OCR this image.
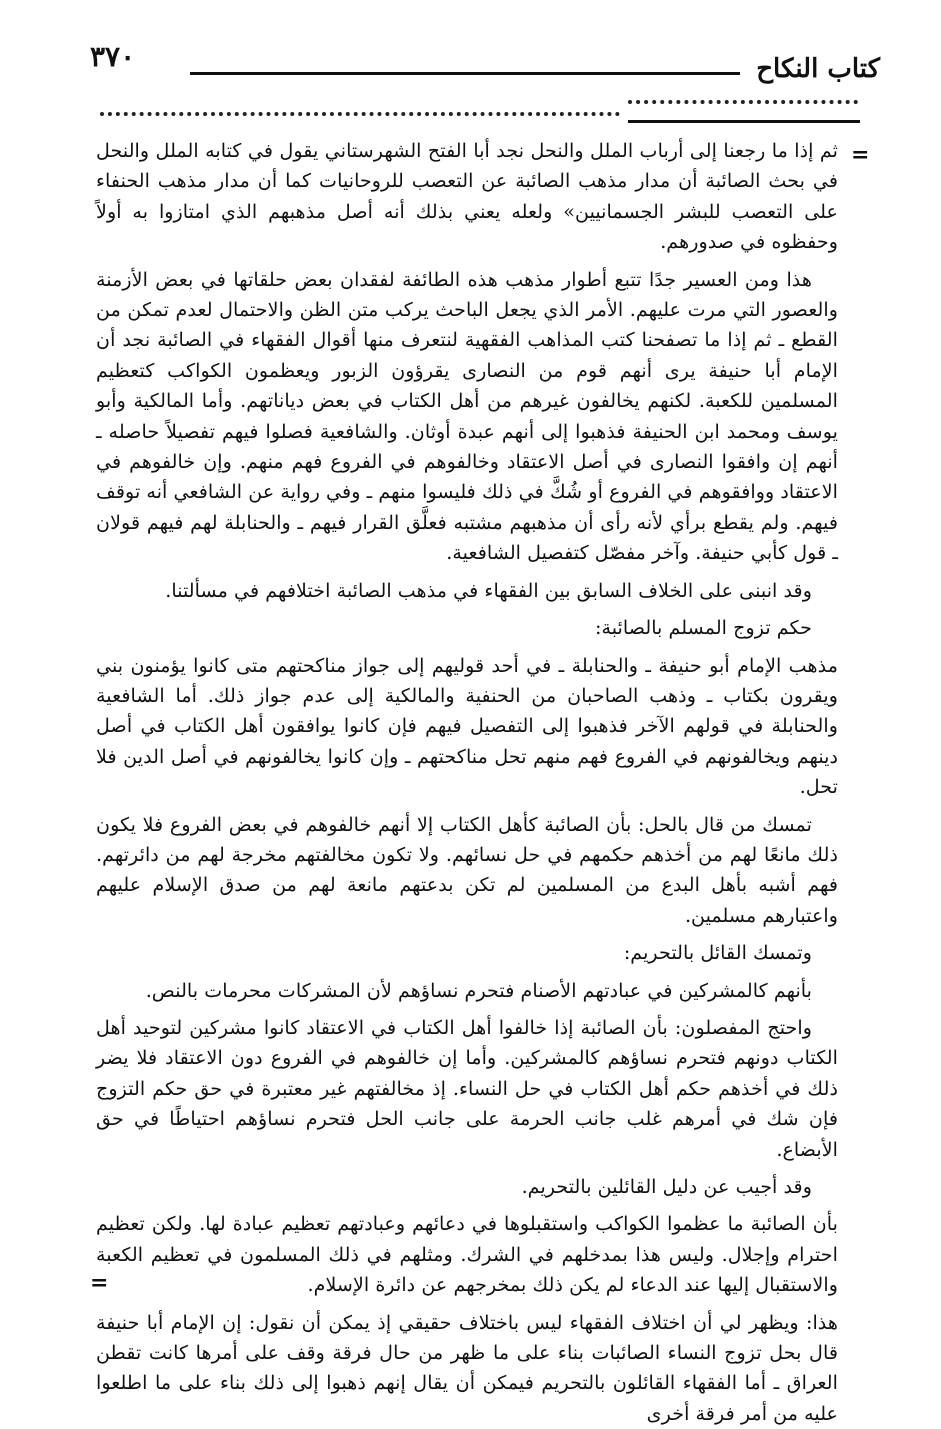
٣٧٠	كتاب النكاح
=

ثم إذا ما رجعنا إلى أرباب الملل والنحل نجد أبا الفتح الشهرستاني يقول في كتابه الملل والنحل في بحث الصائبة أن مدار مذهب الصائبة عن التعصب للروحانيات كما أن مدار مذهب الحنفاء على التعصب للبشر الجسمانيين» ولعله يعني بذلك أنه أصل مذهبهم الذي امتازوا به أولاً وحفظوه في صدورهم.

هذا ومن العسير جدًا تتبع أطوار مذهب هذه الطائفة لفقدان بعض حلقاتها في بعض الأزمنة والعصور التي مرت عليهم. الأمر الذي يجعل الباحث يركب متن الظن والاحتمال لعدم تمكن من القطع ـ ثم إذا ما تصفحنا كتب المذاهب الفقهية لنتعرف منها أقوال الفقهاء في الصائبة نجد أن الإمام أبا حنيفة يرى أنهم قوم من النصارى يقرؤون الزبور ويعظمون الكواكب كتعظيم المسلمين للكعبة. لكنهم يخالفون غيرهم من أهل الكتاب في بعض دياناتهم. وأما المالكية وأبو يوسف ومحمد ابن الحنيفة فذهبوا إلى أنهم عبدة أوثان. والشافعية فصلوا فيهم تفصيلاً حاصله ـ أنهم إن وافقوا النصارى في أصل الاعتقاد وخالفوهم في الفروع فهم منهم. وإن خالفوهم في الاعتقاد ووافقوهم في الفروع أو شُكَّ في ذلك فليسوا منهم ـ وفي رواية عن الشافعي أنه توقف فيهم. ولم يقطع برأي لأنه رأى أن مذهبهم مشتبه فعلَّق القرار فيهم ـ والحنابلة لهم فيهم قولان ـ قول كأبي حنيفة. وآخر مفصّل كتفصيل الشافعية.

وقد انبنى على الخلاف السابق بين الفقهاء في مذهب الصائبة اختلافهم في مسألتنا.

حكم تزوج المسلم بالصائبة:

مذهب الإمام أبو حنيفة ـ والحنابلة ـ في أحد قوليهم إلى جواز مناكحتهم متى كانوا يؤمنون بني ويقرون بكتاب ـ وذهب الصاحبان من الحنفية والمالكية إلى عدم جواز ذلك. أما الشافعية والحنابلة في قولهم الآخر فذهبوا إلى التفصيل فيهم فإن كانوا يوافقون أهل الكتاب في أصل دينهم ويخالفونهم في الفروع فهم منهم تحل مناكحتهم ـ وإن كانوا يخالفونهم في أصل الدين فلا تحل.

تمسك من قال بالحل: بأن الصائبة كأهل الكتاب إلا أنهم خالفوهم في بعض الفروع فلا يكون ذلك مانعًا لهم من أخذهم حكمهم في حل نسائهم. ولا تكون مخالفتهم مخرجة لهم من دائرتهم. فهم أشبه بأهل البدع من المسلمين لم تكن بدعتهم مانعة لهم من صدق الإسلام عليهم واعتبارهم مسلمين.

وتمسك القائل بالتحريم:

بأنهم كالمشركين في عبادتهم الأصنام فتحرم نساؤهم لأن المشركات محرمات بالنص.

واحتج المفصلون: بأن الصائبة إذا خالفوا أهل الكتاب في الاعتقاد كانوا مشركين لتوحيد أهل الكتاب دونهم فتحرم نساؤهم كالمشركين. وأما إن خالفوهم في الفروع دون الاعتقاد فلا يضر ذلك في أخذهم حكم أهل الكتاب في حل النساء. إذ مخالفتهم غير معتبرة في حق حكم التزوج فإن شك في أمرهم غلب جانب الحرمة على جانب الحل فتحرم نساؤهم احتياطًا في حق الأبضاع.

وقد أجيب عن دليل القائلين بالتحريم.

بأن الصائبة ما عظموا الكواكب واستقبلوها في دعائهم وعبادتهم تعظيم عبادة لها. ولكن تعظيم احترام وإجلال. وليس هذا بمدخلهم في الشرك. ومثلهم في ذلك المسلمون في تعظيم الكعبة والاستقبال إليها عند الدعاء لم يكن ذلك بمخرجهم عن دائرة الإسلام.

هذا: ويظهر لي أن اختلاف الفقهاء ليس باختلاف حقيقي إذ يمكن أن نقول: إن الإمام أبا حنيفة قال بحل تزوج النساء الصائبات بناء على ما ظهر من حال فرقة وقف على أمرها كانت تقطن العراق ـ أما الفقهاء القائلون بالتحريم فيمكن أن يقال إنهم ذهبوا إلى ذلك بناء على ما اطلعوا عليه من أمر فرقة أخرى

=
